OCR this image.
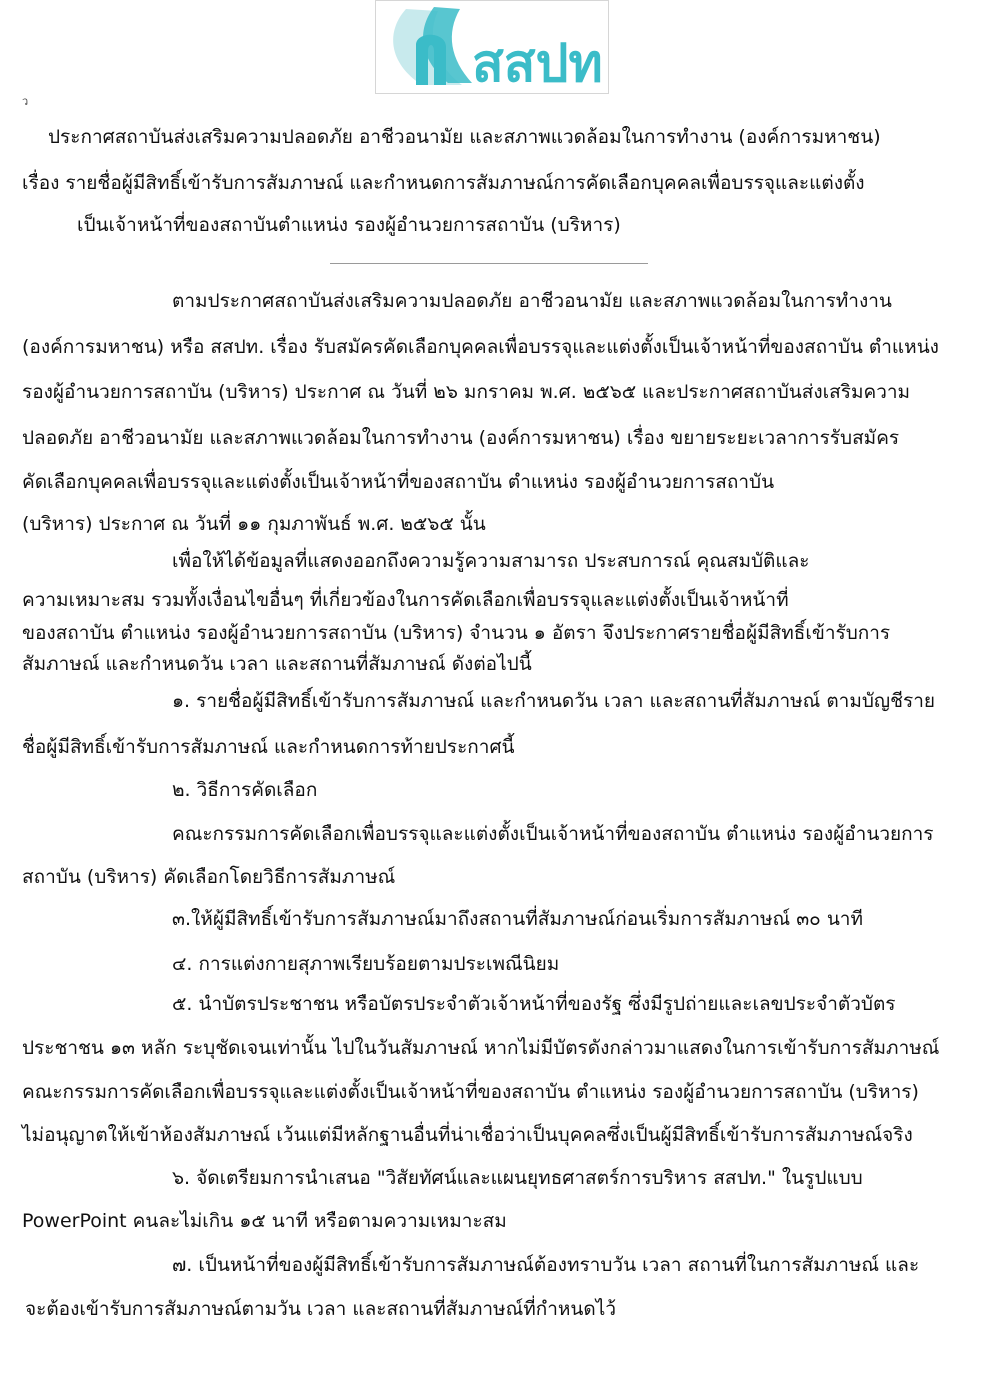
สสปท
ว
ประกาศสถาบันส่งเสริมความปลอดภัย อาชีวอนามัย และสภาพแวดล้อมในการทำงาน (องค์การมหาชน)
เรื่อง รายชื่อผู้มีสิทธิ์เข้ารับการสัมภาษณ์ และกำหนดการสัมภาษณ์การคัดเลือกบุคคลเพื่อบรรจุและแต่งตั้ง
เป็นเจ้าหน้าที่ของสถาบันตำแหน่ง รองผู้อำนวยการสถาบัน (บริหาร)
ตามประกาศสถาบันส่งเสริมความปลอดภัย อาชีวอนามัย และสภาพแวดล้อมในการทำงาน
(องค์การมหาชน) หรือ สสปท. เรื่อง รับสมัครคัดเลือกบุคคลเพื่อบรรจุและแต่งตั้งเป็นเจ้าหน้าที่ของสถาบัน ตำแหน่ง
รองผู้อำนวยการสถาบัน (บริหาร) ประกาศ ณ วันที่ ๒๖ มกราคม พ.ศ. ๒๕๖๕ และประกาศสถาบันส่งเสริมความ
ปลอดภัย อาชีวอนามัย และสภาพแวดล้อมในการทำงาน (องค์การมหาชน) เรื่อง ขยายระยะเวลาการรับสมัคร
คัดเลือกบุคคลเพื่อบรรจุและแต่งตั้งเป็นเจ้าหน้าที่ของสถาบัน ตำแหน่ง รองผู้อำนวยการสถาบัน
(บริหาร) ประกาศ ณ วันที่ ๑๑ กุมภาพันธ์ พ.ศ. ๒๕๖๕ นั้น
เพื่อให้ได้ข้อมูลที่แสดงออกถึงความรู้ความสามารถ ประสบการณ์ คุณสมบัติและ
ความเหมาะสม รวมทั้งเงื่อนไขอื่นๆ ที่เกี่ยวข้องในการคัดเลือกเพื่อบรรจุและแต่งตั้งเป็นเจ้าหน้าที่
ของสถาบัน ตำแหน่ง รองผู้อำนวยการสถาบัน (บริหาร) จำนวน ๑ อัตรา จึงประกาศรายชื่อผู้มีสิทธิ์เข้ารับการ
สัมภาษณ์ และกำหนดวัน เวลา และสถานที่สัมภาษณ์ ดังต่อไปนี้
๑. รายชื่อผู้มีสิทธิ์เข้ารับการสัมภาษณ์ และกำหนดวัน เวลา และสถานที่สัมภาษณ์ ตามบัญชีราย
ชื่อผู้มีสิทธิ์เข้ารับการสัมภาษณ์ และกำหนดการท้ายประกาศนี้
๒. วิธีการคัดเลือก
คณะกรรมการคัดเลือกเพื่อบรรจุและแต่งตั้งเป็นเจ้าหน้าที่ของสถาบัน ตำแหน่ง รองผู้อำนวยการ
สถาบัน (บริหาร) คัดเลือกโดยวิธีการสัมภาษณ์
๓.ให้ผู้มีสิทธิ์เข้ารับการสัมภาษณ์มาถึงสถานที่สัมภาษณ์ก่อนเริ่มการสัมภาษณ์ ๓๐ นาที
๔. การแต่งกายสุภาพเรียบร้อยตามประเพณีนิยม
๕. นำบัตรประชาชน หรือบัตรประจำตัวเจ้าหน้าที่ของรัฐ ซึ่งมีรูปถ่ายและเลขประจำตัวบัตร
ประชาชน ๑๓ หลัก ระบุชัดเจนเท่านั้น ไปในวันสัมภาษณ์ หากไม่มีบัตรดังกล่าวมาแสดงในการเข้ารับการสัมภาษณ์
คณะกรรมการคัดเลือกเพื่อบรรจุและแต่งตั้งเป็นเจ้าหน้าที่ของสถาบัน ตำแหน่ง รองผู้อำนวยการสถาบัน (บริหาร)
ไม่อนุญาตให้เข้าห้องสัมภาษณ์ เว้นแต่มีหลักฐานอื่นที่น่าเชื่อว่าเป็นบุคคลซึ่งเป็นผู้มีสิทธิ์เข้ารับการสัมภาษณ์จริง
๖. จัดเตรียมการนำเสนอ "วิสัยทัศน์และแผนยุทธศาสตร์การบริหาร สสปท." ในรูปแบบ
PowerPoint คนละไม่เกิน ๑๕ นาที หรือตามความเหมาะสม
๗. เป็นหน้าที่ของผู้มีสิทธิ์เข้ารับการสัมภาษณ์ต้องทราบวัน เวลา สถานที่ในการสัมภาษณ์ และ
จะต้องเข้ารับการสัมภาษณ์ตามวัน เวลา และสถานที่สัมภาษณ์ที่กำหนดไว้
